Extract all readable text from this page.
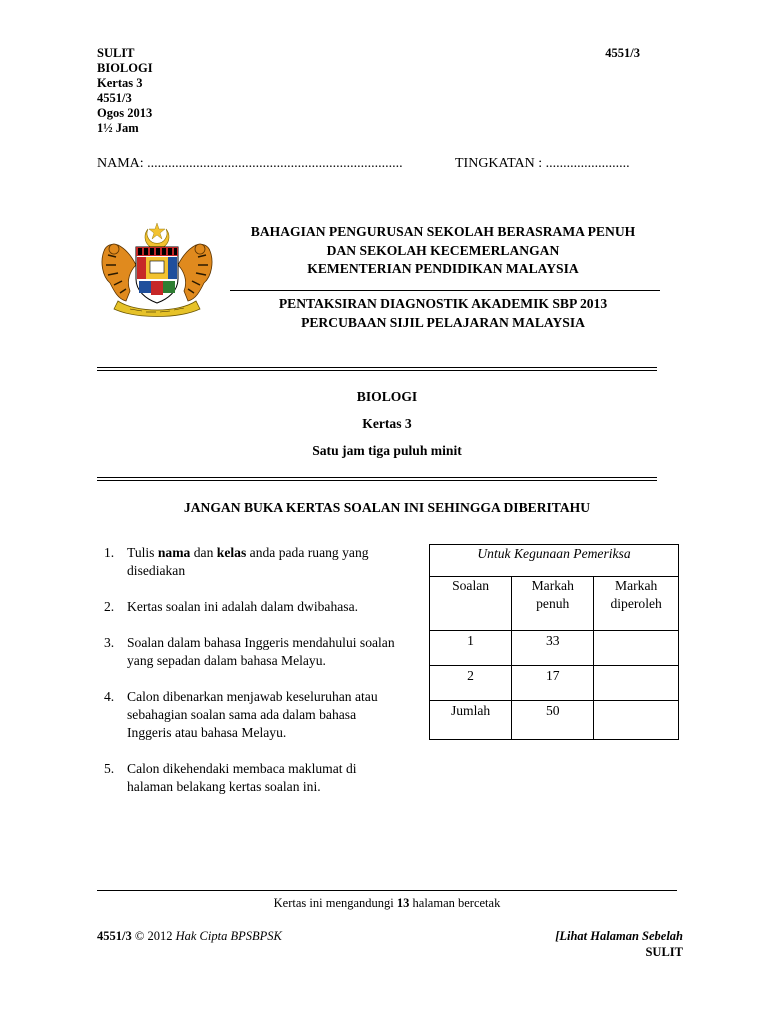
SULIT
BIOLOGI
Kertas 3
4551/3
Ogos 2013
1½ Jam
4551/3
NAMA: .........................................................................	TINGKATAN : ........................
BAHAGIAN PENGURUSAN SEKOLAH BERASRAMA PENUH
DAN SEKOLAH KECEMERLANGAN
KEMENTERIAN PENDIDIKAN MALAYSIA
PENTAKSIRAN DIAGNOSTIK AKADEMIK SBP 2013
PERCUBAAN SIJIL PELAJARAN MALAYSIA
BIOLOGI
Kertas 3
Satu jam tiga puluh minit
JANGAN BUKA KERTAS SOALAN INI SEHINGGA DIBERITAHU
1. Tulis nama dan kelas anda pada ruang yang disediakan
2. Kertas soalan ini adalah dalam dwibahasa.
3. Soalan dalam bahasa Inggeris mendahului soalan yang sepadan dalam bahasa Melayu.
4. Calon dibenarkan menjawab keseluruhan atau sebahagian soalan sama ada dalam bahasa Inggeris atau bahasa Melayu.
5. Calon dikehendaki membaca maklumat di halaman belakang kertas soalan ini.
Untuk Kegunaan Pemeriksa		
Soalan	Markah penuh	Markah diperoleh
1	33	
2	17	
Jumlah	50	
Kertas ini mengandungi 13 halaman bercetak
4551/3 © 2012 Hak Cipta BPSBPSK	[Lihat Halaman Sebelah
SULIT
